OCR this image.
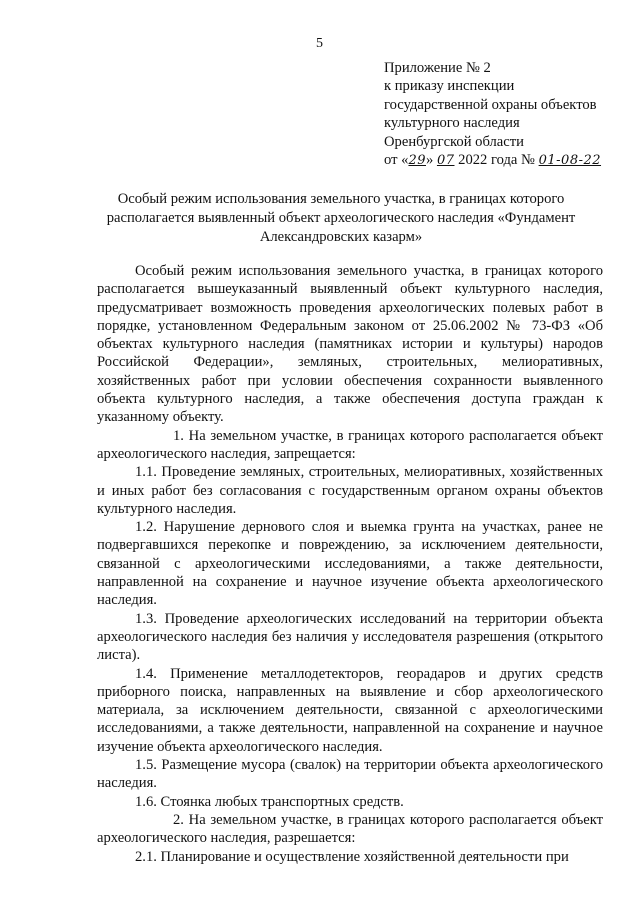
5
Приложение № 2
к приказу инспекции
государственной охраны объектов
культурного наследия
Оренбургской области
от «29» 07 2022 года № 01-08-22
Особый режим использования земельного участка, в границах которого располагается выявленный объект археологического наследия «Фундамент Александровских казарм»

Особый режим использования земельного участка, в границах которого располагается вышеуказанный выявленный объект культурного наследия, предусматривает возможность проведения археологических полевых работ в порядке, установленном Федеральным законом от 25.06.2002 № 73-ФЗ «Об объектах культурного наследия (памятниках истории и культуры) народов Российской Федерации», земляных, строительных, мелиоративных, хозяйственных работ при условии обеспечения сохранности выявленного объекта культурного наследия, а также обеспечения доступа граждан к указанному объекту.

1. На земельном участке, в границах которого располагается объект археологического наследия, запрещается:

1.1. Проведение земляных, строительных, мелиоративных, хозяйственных и иных работ без согласования с государственным органом охраны объектов культурного наследия.

1.2. Нарушение дернового слоя и выемка грунта на участках, ранее не подвергавшихся перекопке и повреждению, за исключением деятельности, связанной с археологическими исследованиями, а также деятельности, направленной на сохранение и научное изучение объекта археологического наследия.

1.3. Проведение археологических исследований на территории объекта археологического наследия без наличия у исследователя разрешения (открытого листа).

1.4. Применение металлодетекторов, георадаров и других средств приборного поиска, направленных на выявление и сбор археологического материала, за исключением деятельности, связанной с археологическими исследованиями, а также деятельности, направленной на сохранение и научное изучение объекта археологического наследия.

1.5. Размещение мусора (свалок) на территории объекта археологического наследия.

1.6. Стоянка любых транспортных средств.

2. На земельном участке, в границах которого располагается объект археологического наследия, разрешается:

2.1. Планирование и осуществление хозяйственной деятельности при
